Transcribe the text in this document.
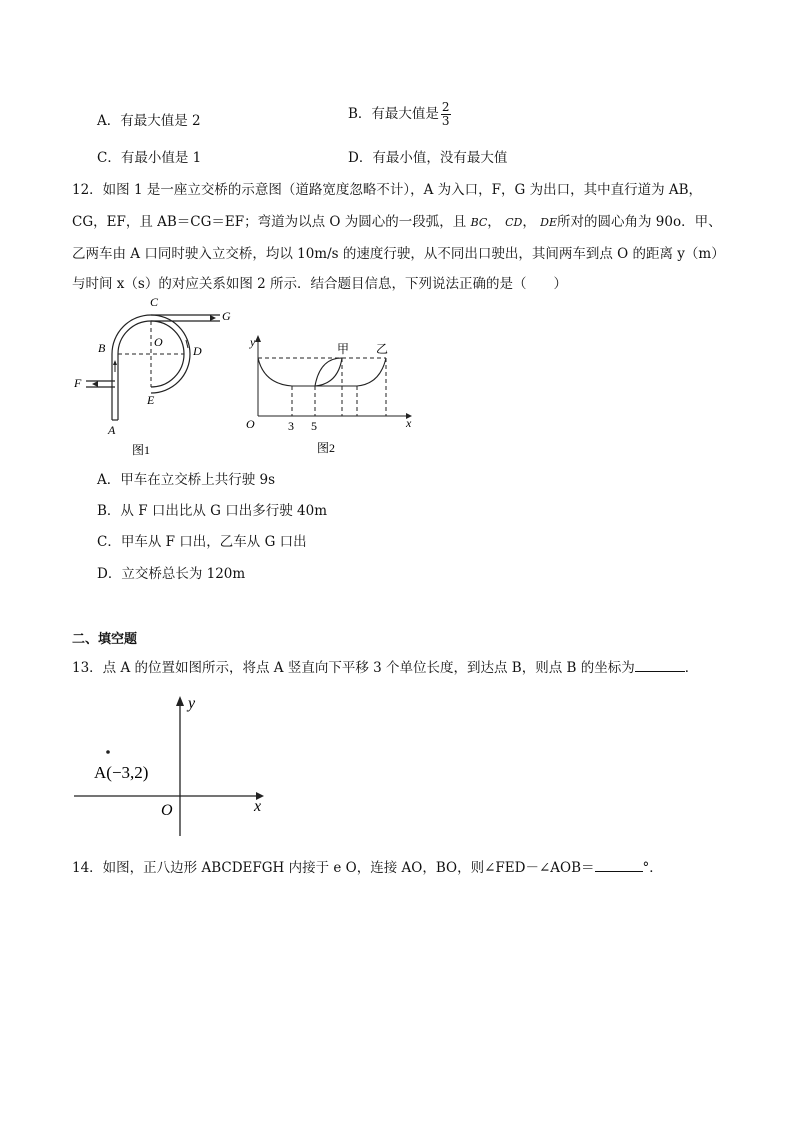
A．有最大值是 2	B．有最大值是 $\frac{2}{3}$
C．有最小值是 1	D．有最小值，没有最大值
12．如图 1 是一座立交桥的示意图（道路宽度忽略不计），A 为入口，F，G 为出口，其中直行道为 AB，
CG，EF，且 AB＝CG＝EF；弯道为以点 O 为圆心的一段弧，且 BC， CD， DE所对的圆心角为 90o．甲、
乙两车由 A 口同时驶入立交桥，均以 10m/s 的速度行驶，从不同出口驶出，其间两车到点 O 的距离 y（m）
与时间 x（s）的对应关系如图 2 所示．结合题目信息，下列说法正确的是（　　）
C
G
B	O
D
F
E
A
图1
y
x
O	3 5
甲 乙
图2
A．甲车在立交桥上共行驶 9s
B．从 F 口出比从 G 口出多行驶 40m
C．甲车从 F 口出，乙车从 G 口出
D．立交桥总长为 120m
二、填空题
13．点 A 的位置如图所示，将点 A 竖直向下平移 3 个单位长度，到达点 B，则点 B 的坐标为	．
A(−3,2)
y
x
O
14．如图，正八边形 ABCDEFGH 内接于 e O，连接 AO，BO，则∠FED－∠AOB＝	°．
